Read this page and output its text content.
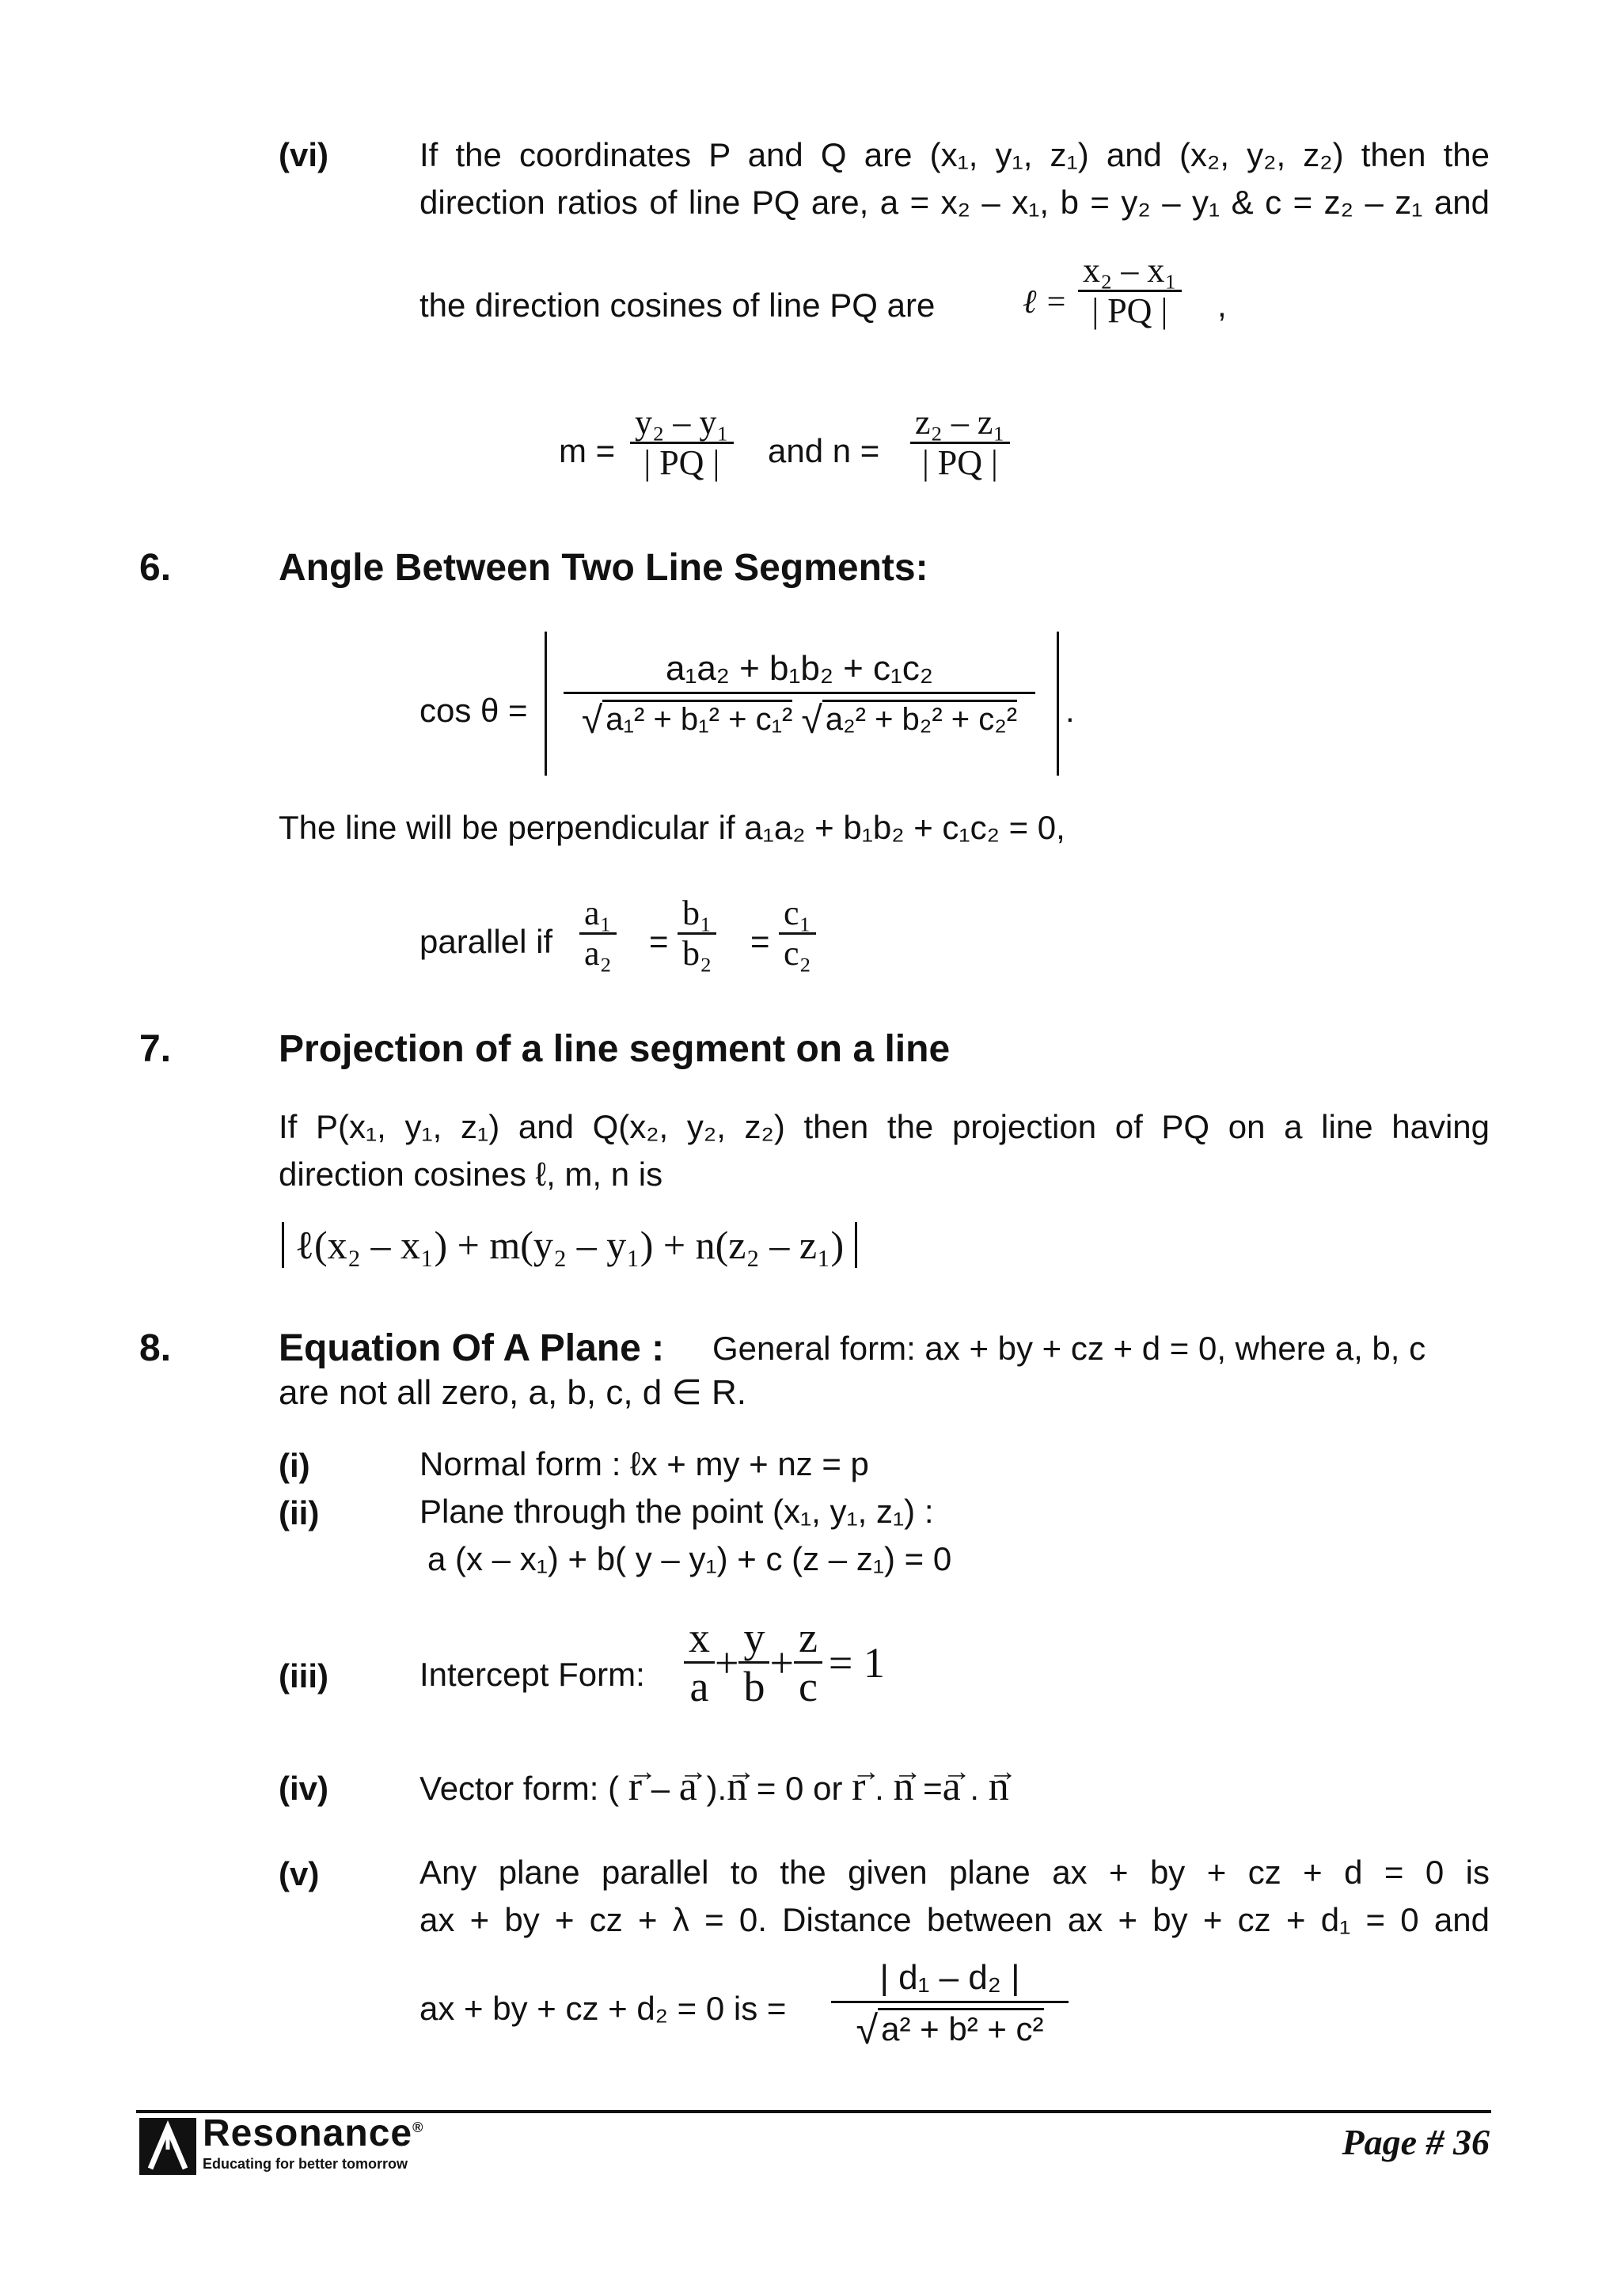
(vi)	If the coordinates P and Q are (x₁, y₁, z₁) and (x₂, y₂, z₂) then the
direction ratios of line PQ are, a = x₂ – x₁, b = y₂ – y₁ & c = z₂ – z₁ and
the direction cosines of line PQ are	ℓ = $\frac{\text{x₂ – x₁}}{| PQ |}$ ,
$m = \frac{\text{y₂ – y₁}}{| PQ |}$ and $n = \frac{\text{z₂ – z₁}}{| PQ |}$
6.	Angle Between Two Line Segments:
$\cos \theta = \frac{\text{a₁a₂ + b₁b₂ + c₁c₂}}{\text{√ a₁² + b₁² + c₁² √ a₂² + b₂² + c₂²}}$ .
The line will be perpendicular if a₁a₂ + b₁b₂ + c₁c₂ = 0,
parallel if $\frac{\text{a₁}}{\text{a₂}} = \frac{\text{b₁}}{\text{b₂}} = \frac{\text{c₁}}{\text{c₂}}$
7.	Projection of a line segment on a line
If P(x₁, y₁, z₁) and Q(x₂, y₂, z₂) then the projection of PQ on a line having
direction cosines ℓ, m, n is
ℓ(x₂ – x₁) + m(y₂ – y₁) + n(z₂ – z₁)
8.	Equation Of A Plane : General form: ax + by + cz + d = 0, where a, b, c
are not all zero, a, b, c, d ∈ R.
(i)	Normal form : ℓx + my + nz = p
(ii)	Plane through the point (x₁, y₁, z₁) :
a (x – x₁) + b( y – y₁) + c (z – z₁) = 0
(iii)	Intercept Form: $\frac{x}{a} + \frac{y}{b} + \frac{z}{c} = 1$
(iv)	Vector form: ( → r – → a ).→ n = 0 or → r . → n =→ a . → n
(v)	Any plane parallel to the given plane ax + by + cz + d = 0 is
ax + by + cz + λ = 0. Distance between ax + by + cz + d₁ = 0 and
ax + by + cz + d₂ = 0 is = $\frac{\text{| d₁ – d₂ |}}{\text{√a² + b² + c²}}$
Resonance®
Educating for better tomorrow
Page # 36
